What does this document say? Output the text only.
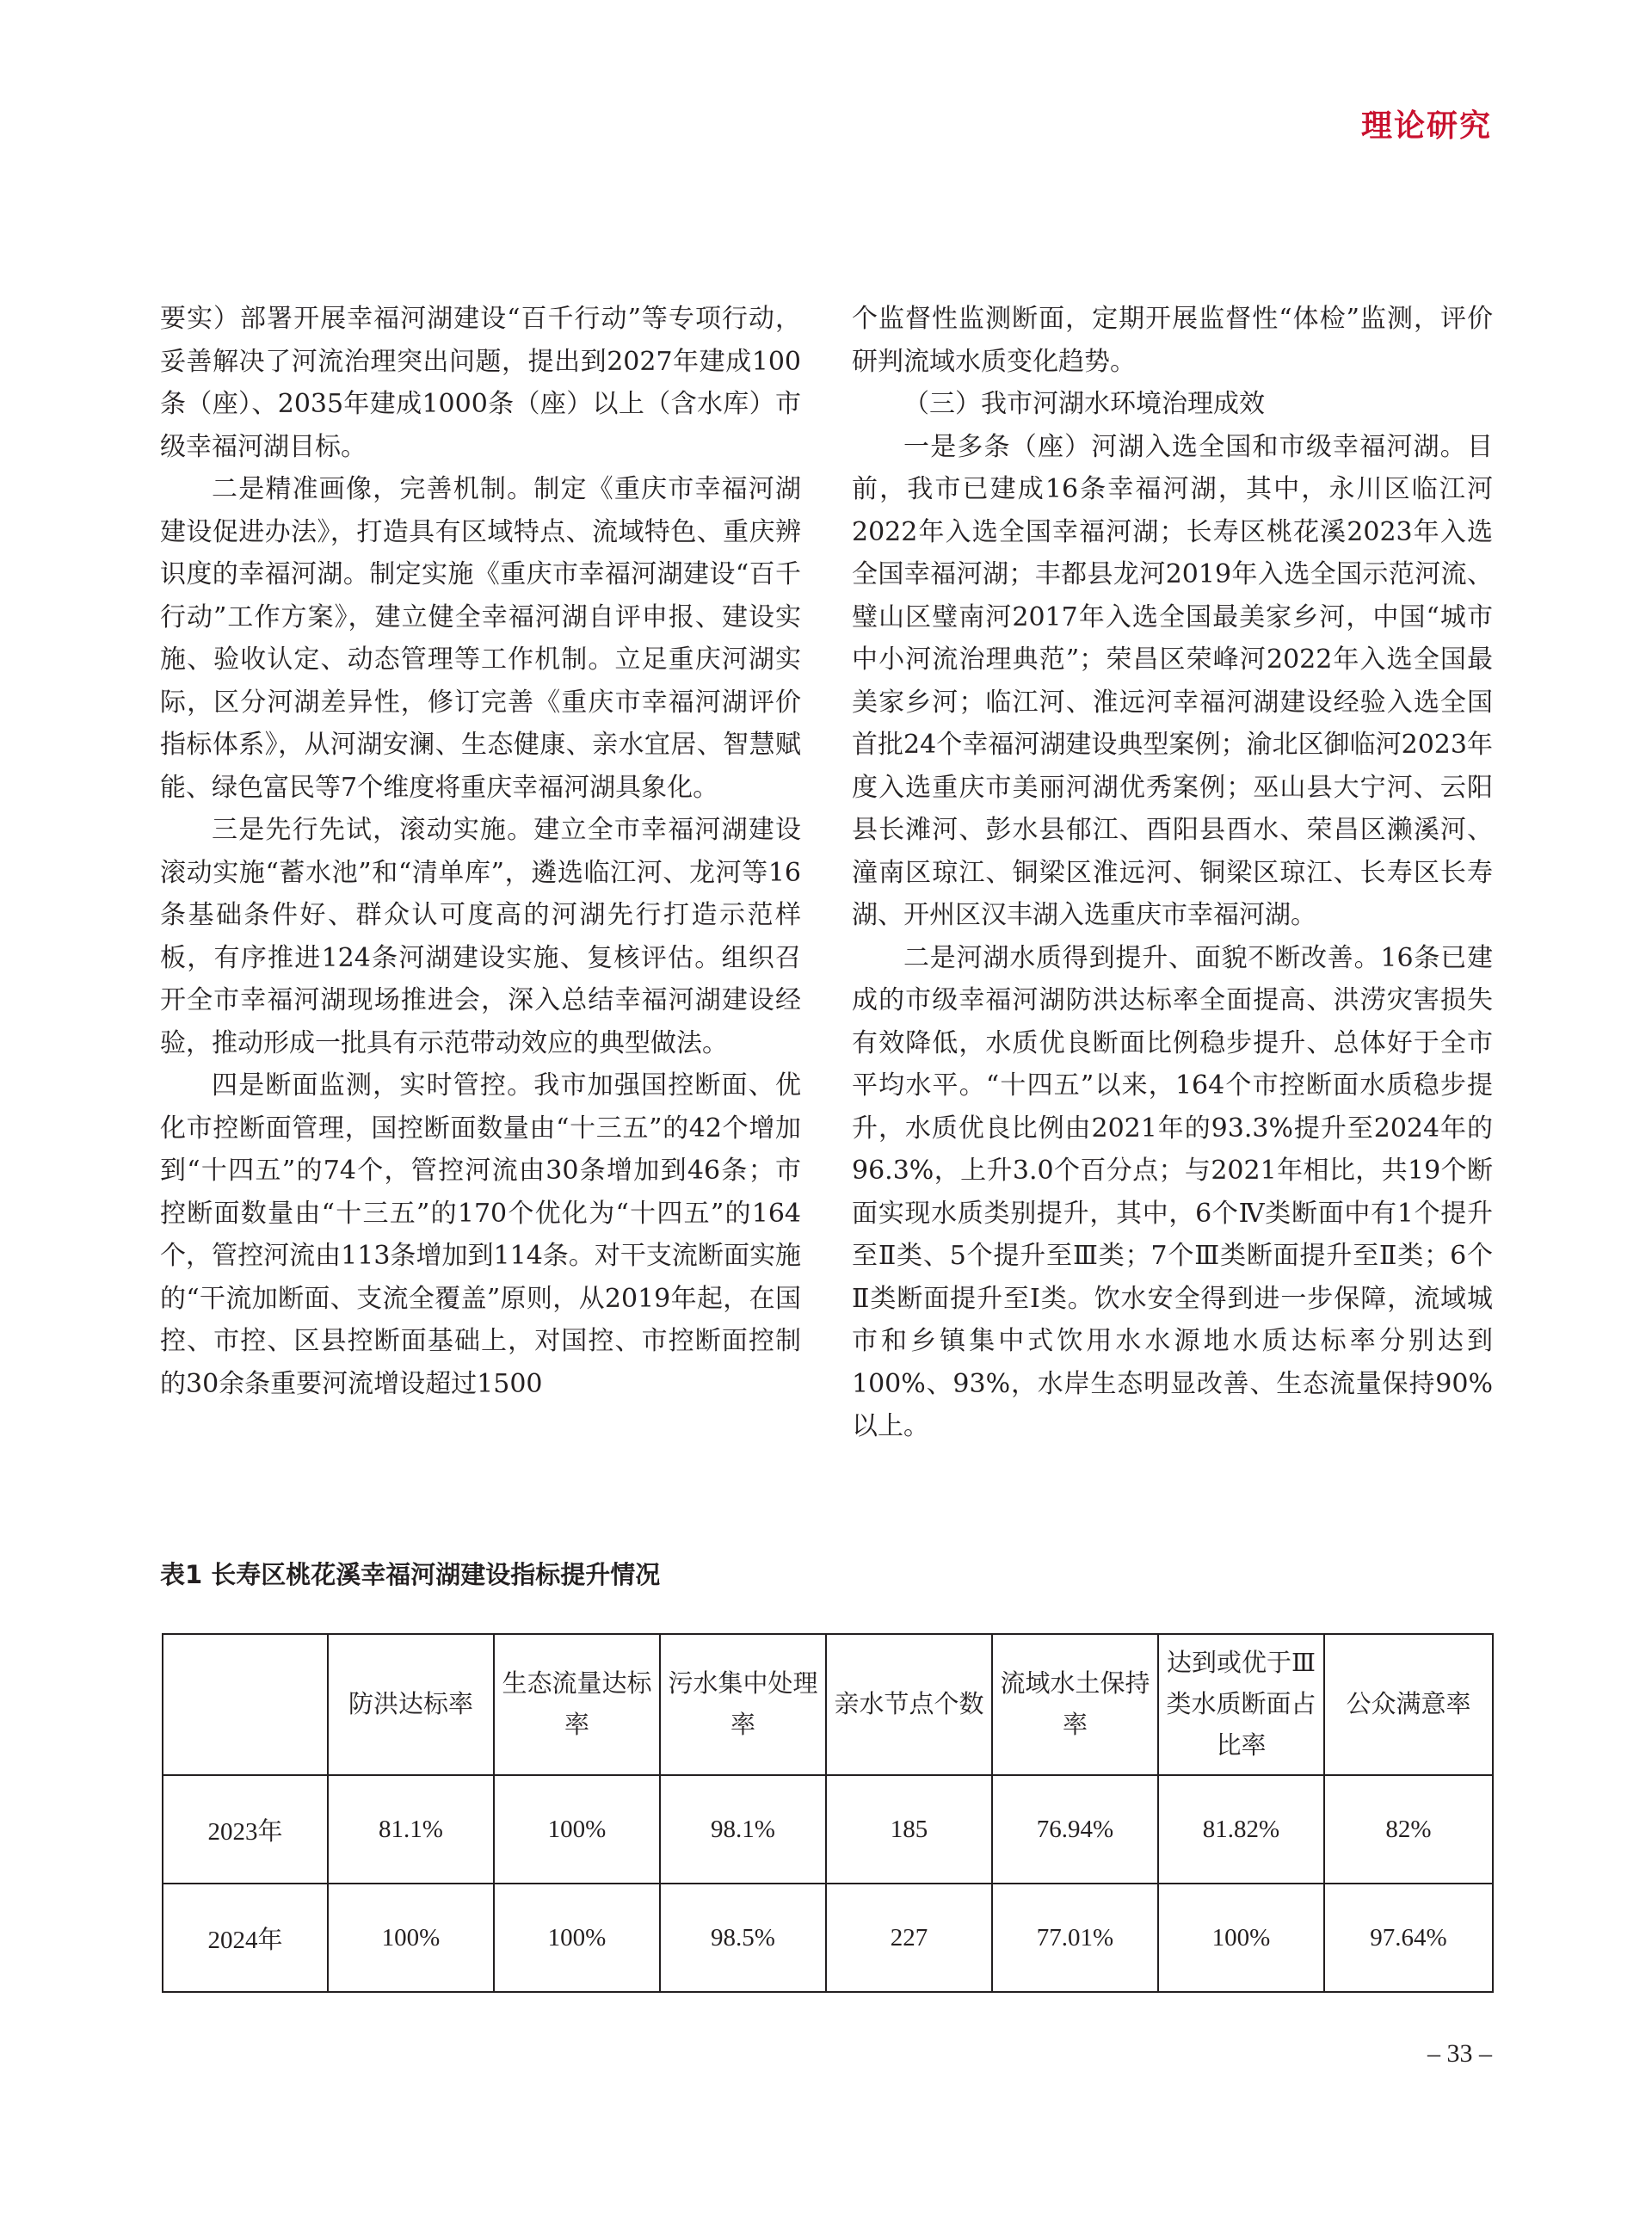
理论研究

要实）部署开展幸福河湖建设“百千行动”等专项行动，妥善解决了河流治理突出问题，提出到2027年建成100条（座）、2035年建成1000条（座）以上（含水库）市级幸福河湖目标。

二是精准画像，完善机制。制定《重庆市幸福河湖建设促进办法》，打造具有区域特点、流域特色、重庆辨识度的幸福河湖。制定实施《重庆市幸福河湖建设“百千行动”工作方案》，建立健全幸福河湖自评申报、建设实施、验收认定、动态管理等工作机制。立足重庆河湖实际，区分河湖差异性，修订完善《重庆市幸福河湖评价指标体系》，从河湖安澜、生态健康、亲水宜居、智慧赋能、绿色富民等7个维度将重庆幸福河湖具象化。

三是先行先试，滚动实施。建立全市幸福河湖建设滚动实施“蓄水池”和“清单库”，遴选临江河、龙河等16条基础条件好、群众认可度高的河湖先行打造示范样板，有序推进124条河湖建设实施、复核评估。组织召开全市幸福河湖现场推进会，深入总结幸福河湖建设经验，推动形成一批具有示范带动效应的典型做法。

四是断面监测，实时管控。我市加强国控断面、优化市控断面管理，国控断面数量由“十三五”的42个增加到“十四五”的74个，管控河流由30条增加到46条；市控断面数量由“十三五”的170个优化为“十四五”的164个，管控河流由113条增加到114条。对干支流断面实施的“干流加断面、支流全覆盖”原则，从2019年起，在国控、市控、区县控断面基础上，对国控、市控断面控制的30余条重要河流增设超过1500

个监督性监测断面，定期开展监督性“体检”监测，评价研判流域水质变化趋势。

（三）我市河湖水环境治理成效

一是多条（座）河湖入选全国和市级幸福河湖。目前，我市已建成16条幸福河湖，其中，永川区临江河2022年入选全国幸福河湖；长寿区桃花溪2023年入选全国幸福河湖；丰都县龙河2019年入选全国示范河流、璧山区璧南河2017年入选全国最美家乡河，中国“城市中小河流治理典范”；荣昌区荣峰河2022年入选全国最美家乡河；临江河、淮远河幸福河湖建设经验入选全国首批24个幸福河湖建设典型案例；渝北区御临河2023年度入选重庆市美丽河湖优秀案例；巫山县大宁河、云阳县长滩河、彭水县郁江、酉阳县酉水、荣昌区濑溪河、潼南区琼江、铜梁区淮远河、铜梁区琼江、长寿区长寿湖、开州区汉丰湖入选重庆市幸福河湖。

二是河湖水质得到提升、面貌不断改善。16条已建成的市级幸福河湖防洪达标率全面提高、洪涝灾害损失有效降低，水质优良断面比例稳步提升、总体好于全市平均水平。“十四五”以来，164个市控断面水质稳步提升，水质优良比例由2021年的93.3%提升至2024年的96.3%，上升3.0个百分点；与2021年相比，共19个断面实现水质类别提升，其中，6个Ⅳ类断面中有1个提升至Ⅱ类、5个提升至Ⅲ类；7个Ⅲ类断面提升至Ⅱ类；6个Ⅱ类断面提升至Ⅰ类。饮水安全得到进一步保障，流域城市和乡镇集中式饮用水水源地水质达标率分别达到100%、93%，水岸生态明显改善、生态流量保持90%以上。

表1 长寿区桃花溪幸福河湖建设指标提升情况
	防洪达标率	生态流量达标率	污水集中处理率	亲水节点个数	流域水土保持率	达到或优于Ⅲ类水质断面占比率	公众满意率
2023年	81.1%	100%	98.1%	185	76.94%	81.82%	82%
2024年	100%	100%	98.5%	227	77.01%	100%	97.64%
– 33 –
